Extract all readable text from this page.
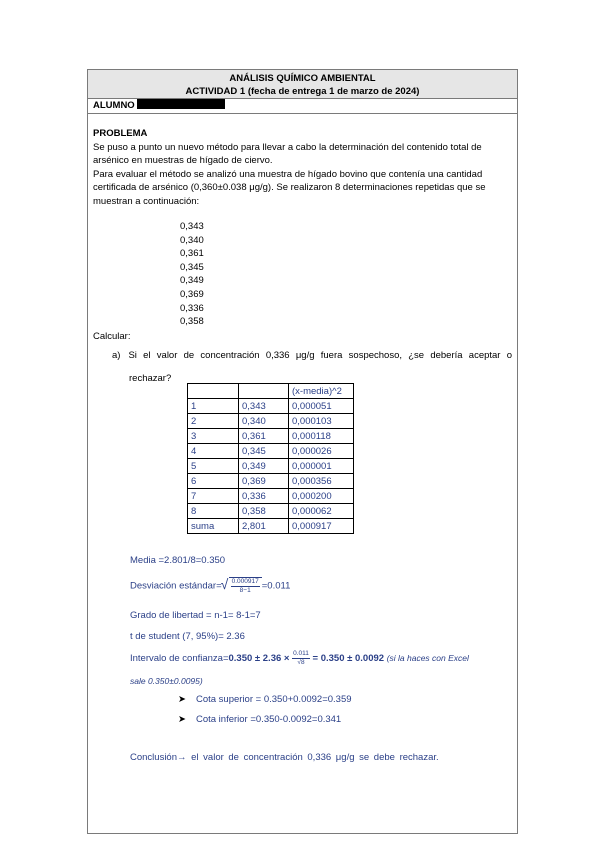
ANÁLISIS QUÍMICO AMBIENTAL
ACTIVIDAD 1 (fecha de entrega 1 de marzo de 2024)
ALUMNO
PROBLEMA
Se puso a punto un nuevo método para llevar a cabo la determinación del contenido total de
arsénico en muestras de hígado de ciervo.
Para evaluar el método se analizó una muestra de hígado bovino que contenía una cantidad
certificada de arsénico (0,360±0.038 μg/g). Se realizaron 8 determinaciones repetidas que se
muestran a continuación:
0,343
0,340
0,361
0,345
0,349
0,369
0,336
0,358
Calcular:
a) Si el valor de concentración 0,336 μg/g fuera sospechoso, ¿se debería aceptar o
rechazar?
		(x-media)^2
1	0,343	0,000051
2	0,340	0,000103
3	0,361	0,000118
4	0,345	0,000026
5	0,349	0,000001
6	0,369	0,000356
7	0,336	0,000200
8	0,358	0,000062
suma	2,801	0,000917
Media =2.801/8=0.350
Desviación estándar= √ $\frac{0.000917}{8-1} =0.011$
Grado de libertad = n-1= 8-1=7
t de student (7, 95%)= 2.36
Intervalo de confianza=0.350 ± $2.36 \times \frac{0.011}{√8} = 0.350 \pm 0.0092$ (si la haces con Excel
sale 0.350±0.0095)
➤ Cota superior = 0.350+0.0092=0.359
➤ Cota inferior =0.350-0.0092=0.341
Conclusión→ el valor de concentración 0,336 μg/g se debe rechazar.
